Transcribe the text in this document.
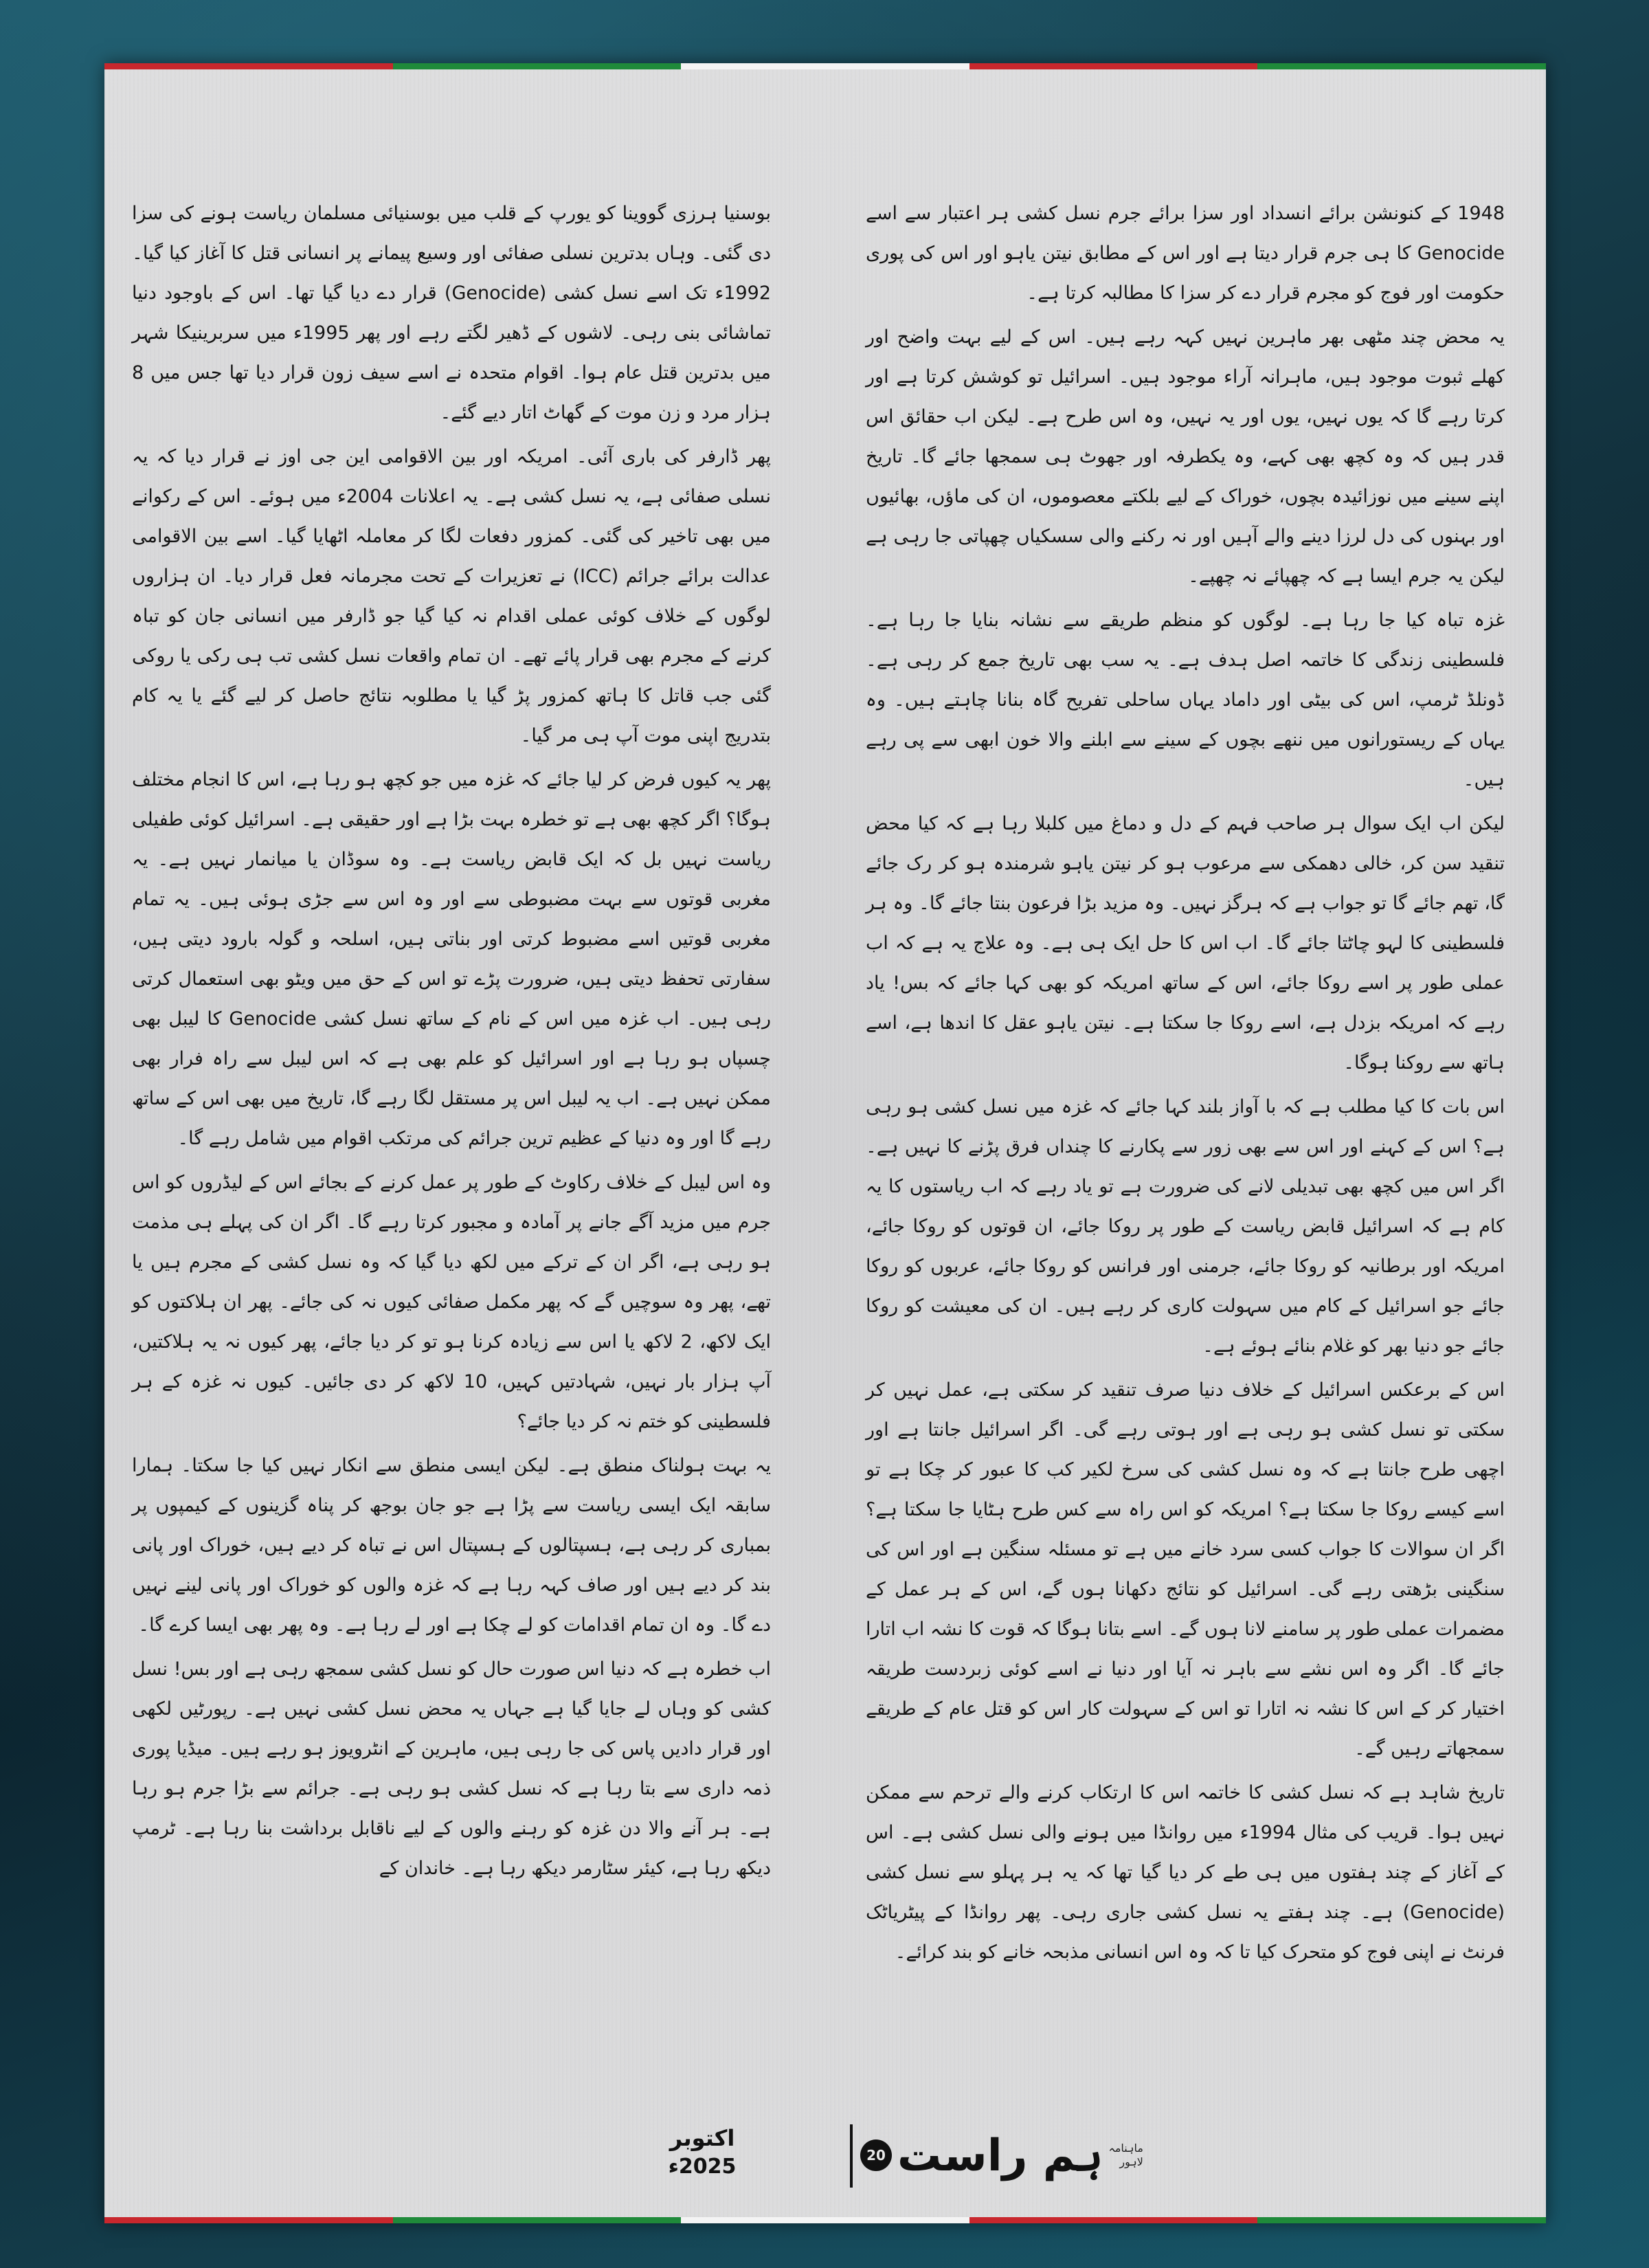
1948 کے کنونشن برائے انسداد اور سزا برائے جرم نسل کشی ہر اعتبار سے اسے Genocide کا ہی جرم قرار دیتا ہے اور اس کے مطابق نیتن یاہو اور اس کی پوری حکومت اور فوج کو مجرم قرار دے کر سزا کا مطالبہ کرتا ہے۔

یہ محض چند مٹھی بھر ماہرین نہیں کہہ رہے ہیں۔ اس کے لیے بہت واضح اور کھلے ثبوت موجود ہیں، ماہرانہ آراء موجود ہیں۔ اسرائیل تو کوشش کرتا ہے اور کرتا رہے گا کہ یوں نہیں، یوں اور یہ نہیں، وہ اس طرح ہے۔ لیکن اب حقائق اس قدر ہیں کہ وہ کچھ بھی کہے، وہ یکطرفہ اور جھوٹ ہی سمجھا جائے گا۔ تاریخ اپنے سینے میں نوزائیدہ بچوں، خوراک کے لیے بلکتے معصوموں، ان کی ماؤں، بھائیوں اور بہنوں کی دل لرزا دینے والے آہیں اور نہ رکنے والی سسکیاں چھپاتی جا رہی ہے لیکن یہ جرم ایسا ہے کہ چھپائے نہ چھپے۔

غزہ تباہ کیا جا رہا ہے۔ لوگوں کو منظم طریقے سے نشانہ بنایا جا رہا ہے۔ فلسطینی زندگی کا خاتمہ اصل ہدف ہے۔ یہ سب بھی تاریخ جمع کر رہی ہے۔ ڈونلڈ ٹرمپ، اس کی بیٹی اور داماد یہاں ساحلی تفریح گاہ بنانا چاہتے ہیں۔ وہ یہاں کے ریستورانوں میں ننھے بچوں کے سینے سے ابلنے والا خون ابھی سے پی رہے ہیں۔

لیکن اب ایک سوال ہر صاحب فہم کے دل و دماغ میں کلبلا رہا ہے کہ کیا محض تنقید سن کر، خالی دھمکی سے مرعوب ہو کر نیتن یاہو شرمندہ ہو کر رک جائے گا، تھم جائے گا تو جواب ہے کہ ہرگز نہیں۔ وہ مزید بڑا فرعون بنتا جائے گا۔ وہ ہر فلسطینی کا لہو چاٹتا جائے گا۔ اب اس کا حل ایک ہی ہے۔ وہ علاج یہ ہے کہ اب عملی طور پر اسے روکا جائے، اس کے ساتھ امریکہ کو بھی کہا جائے کہ بس! یاد رہے کہ امریکہ بزدل ہے، اسے روکا جا سکتا ہے۔ نیتن یاہو عقل کا اندھا ہے، اسے ہاتھ سے روکنا ہوگا۔

اس بات کا کیا مطلب ہے کہ با آواز بلند کہا جائے کہ غزہ میں نسل کشی ہو رہی ہے؟ اس کے کہنے اور اس سے بھی زور سے پکارنے کا چنداں فرق پڑنے کا نہیں ہے۔ اگر اس میں کچھ بھی تبدیلی لانے کی ضرورت ہے تو یاد رہے کہ اب ریاستوں کا یہ کام ہے کہ اسرائیل قابض ریاست کے طور پر روکا جائے، ان قوتوں کو روکا جائے، امریکہ اور برطانیہ کو روکا جائے، جرمنی اور فرانس کو روکا جائے، عربوں کو روکا جائے جو اسرائیل کے کام میں سہولت کاری کر رہے ہیں۔ ان کی معیشت کو روکا جائے جو دنیا بھر کو غلام بنائے ہوئے ہے۔

اس کے برعکس اسرائیل کے خلاف دنیا صرف تنقید کر سکتی ہے، عمل نہیں کر سکتی تو نسل کشی ہو رہی ہے اور ہوتی رہے گی۔ اگر اسرائیل جانتا ہے اور اچھی طرح جانتا ہے کہ وہ نسل کشی کی سرخ لکیر کب کا عبور کر چکا ہے تو اسے کیسے روکا جا سکتا ہے؟ امریکہ کو اس راہ سے کس طرح ہٹایا جا سکتا ہے؟ اگر ان سوالات کا جواب کسی سرد خانے میں ہے تو مسئلہ سنگین ہے اور اس کی سنگینی بڑھتی رہے گی۔ اسرائیل کو نتائج دکھانا ہوں گے، اس کے ہر عمل کے مضمرات عملی طور پر سامنے لانا ہوں گے۔ اسے بتانا ہوگا کہ قوت کا نشہ اب اتارا جائے گا۔ اگر وہ اس نشے سے باہر نہ آیا اور دنیا نے اسے کوئی زبردست طریقہ اختیار کر کے اس کا نشہ نہ اتارا تو اس کے سہولت کار اس کو قتل عام کے طریقے سمجھاتے رہیں گے۔

تاریخ شاہد ہے کہ نسل کشی کا خاتمہ اس کا ارتکاب کرنے والے ترحم سے ممکن نہیں ہوا۔ قریب کی مثال 1994ء میں روانڈا میں ہونے والی نسل کشی ہے۔ اس کے آغاز کے چند ہفتوں میں ہی طے کر دیا گیا تھا کہ یہ ہر پہلو سے نسل کشی (Genocide) ہے۔ چند ہفتے یہ نسل کشی جاری رہی۔ پھر روانڈا کے پیٹریاٹک فرنٹ نے اپنی فوج کو متحرک کیا تا کہ وہ اس انسانی مذبحہ خانے کو بند کرائے۔

بوسنیا ہرزی گووینا کو یورپ کے قلب میں بوسنیائی مسلمان ریاست ہونے کی سزا دی گئی۔ وہاں بدترین نسلی صفائی اور وسیع پیمانے پر انسانی قتل کا آغاز کیا گیا۔ 1992ء تک اسے نسل کشی (Genocide) قرار دے دیا گیا تھا۔ اس کے باوجود دنیا تماشائی بنی رہی۔ لاشوں کے ڈھیر لگتے رہے اور پھر 1995ء میں سربرینیکا شہر میں بدترین قتل عام ہوا۔ اقوام متحدہ نے اسے سیف زون قرار دیا تھا جس میں 8 ہزار مرد و زن موت کے گھاٹ اتار دیے گئے۔

پھر ڈارفر کی باری آئی۔ امریکہ اور بین الاقوامی این جی اوز نے قرار دیا کہ یہ نسلی صفائی ہے، یہ نسل کشی ہے۔ یہ اعلانات 2004ء میں ہوئے۔ اس کے رکوانے میں بھی تاخیر کی گئی۔ کمزور دفعات لگا کر معاملہ اٹھایا گیا۔ اسے بین الاقوامی عدالت برائے جرائم (ICC) نے تعزیرات کے تحت مجرمانہ فعل قرار دیا۔ ان ہزاروں لوگوں کے خلاف کوئی عملی اقدام نہ کیا گیا جو ڈارفر میں انسانی جان کو تباہ کرنے کے مجرم بھی قرار پائے تھے۔ ان تمام واقعات نسل کشی تب ہی رکی یا روکی گئی جب قاتل کا ہاتھ کمزور پڑ گیا یا مطلوبہ نتائج حاصل کر لیے گئے یا یہ کام بتدریج اپنی موت آپ ہی مر گیا۔

پھر یہ کیوں فرض کر لیا جائے کہ غزہ میں جو کچھ ہو رہا ہے، اس کا انجام مختلف ہوگا؟ اگر کچھ بھی ہے تو خطرہ بہت بڑا ہے اور حقیقی ہے۔ اسرائیل کوئی طفیلی ریاست نہیں بل کہ ایک قابض ریاست ہے۔ وہ سوڈان یا میانمار نہیں ہے۔ یہ مغربی قوتوں سے بہت مضبوطی سے اور وہ اس سے جڑی ہوئی ہیں۔ یہ تمام مغربی قوتیں اسے مضبوط کرتی اور بناتی ہیں، اسلحہ و گولہ بارود دیتی ہیں، سفارتی تحفظ دیتی ہیں، ضرورت پڑے تو اس کے حق میں ویٹو بھی استعمال کرتی رہی ہیں۔ اب غزہ میں اس کے نام کے ساتھ نسل کشی Genocide کا لیبل بھی چسپاں ہو رہا ہے اور اسرائیل کو علم بھی ہے کہ اس لیبل سے راہ فرار بھی ممکن نہیں ہے۔ اب یہ لیبل اس پر مستقل لگا رہے گا، تاریخ میں بھی اس کے ساتھ رہے گا اور وہ دنیا کے عظیم ترین جرائم کی مرتکب اقوام میں شامل رہے گا۔

وہ اس لیبل کے خلاف رکاوٹ کے طور پر عمل کرنے کے بجائے اس کے لیڈروں کو اس جرم میں مزید آگے جانے پر آمادہ و مجبور کرتا رہے گا۔ اگر ان کی پہلے ہی مذمت ہو رہی ہے، اگر ان کے ترکے میں لکھ دیا گیا کہ وہ نسل کشی کے مجرم ہیں یا تھے، پھر وہ سوچیں گے کہ پھر مکمل صفائی کیوں نہ کی جائے۔ پھر ان ہلاکتوں کو ایک لاکھ، 2 لاکھ یا اس سے زیادہ کرنا ہو تو کر دیا جائے، پھر کیوں نہ یہ ہلاکتیں، آپ ہزار بار نہیں، شہادتیں کہیں، 10 لاکھ کر دی جائیں۔ کیوں نہ غزہ کے ہر فلسطینی کو ختم نہ کر دیا جائے؟

یہ بہت ہولناک منطق ہے۔ لیکن ایسی منطق سے انکار نہیں کیا جا سکتا۔ ہمارا سابقہ ایک ایسی ریاست سے پڑا ہے جو جان بوجھ کر پناہ گزینوں کے کیمپوں پر بمباری کر رہی ہے، ہسپتالوں کے ہسپتال اس نے تباہ کر دیے ہیں، خوراک اور پانی بند کر دیے ہیں اور صاف کہہ رہا ہے کہ غزہ والوں کو خوراک اور پانی لینے نہیں دے گا۔ وہ ان تمام اقدامات کو لے چکا ہے اور لے رہا ہے۔ وہ پھر بھی ایسا کرے گا۔

اب خطرہ ہے کہ دنیا اس صورت حال کو نسل کشی سمجھ رہی ہے اور بس! نسل کشی کو وہاں لے جایا گیا ہے جہاں یہ محض نسل کشی نہیں ہے۔ رپورٹیں لکھی اور قرار دادیں پاس کی جا رہی ہیں، ماہرین کے انٹرویوز ہو رہے ہیں۔ میڈیا پوری ذمہ داری سے بتا رہا ہے کہ نسل کشی ہو رہی ہے۔ جرائم سے بڑا جرم ہو رہا ہے۔ ہر آنے والا دن غزہ کو رہنے والوں کے لیے ناقابل برداشت بنا رہا ہے۔ ٹرمپ دیکھ رہا ہے، کیئر سٹارمر دیکھ رہا ہے۔ خاندان کے

اکتوبر
2025ء	20 ہم راست ماہنامہ
لاہور
